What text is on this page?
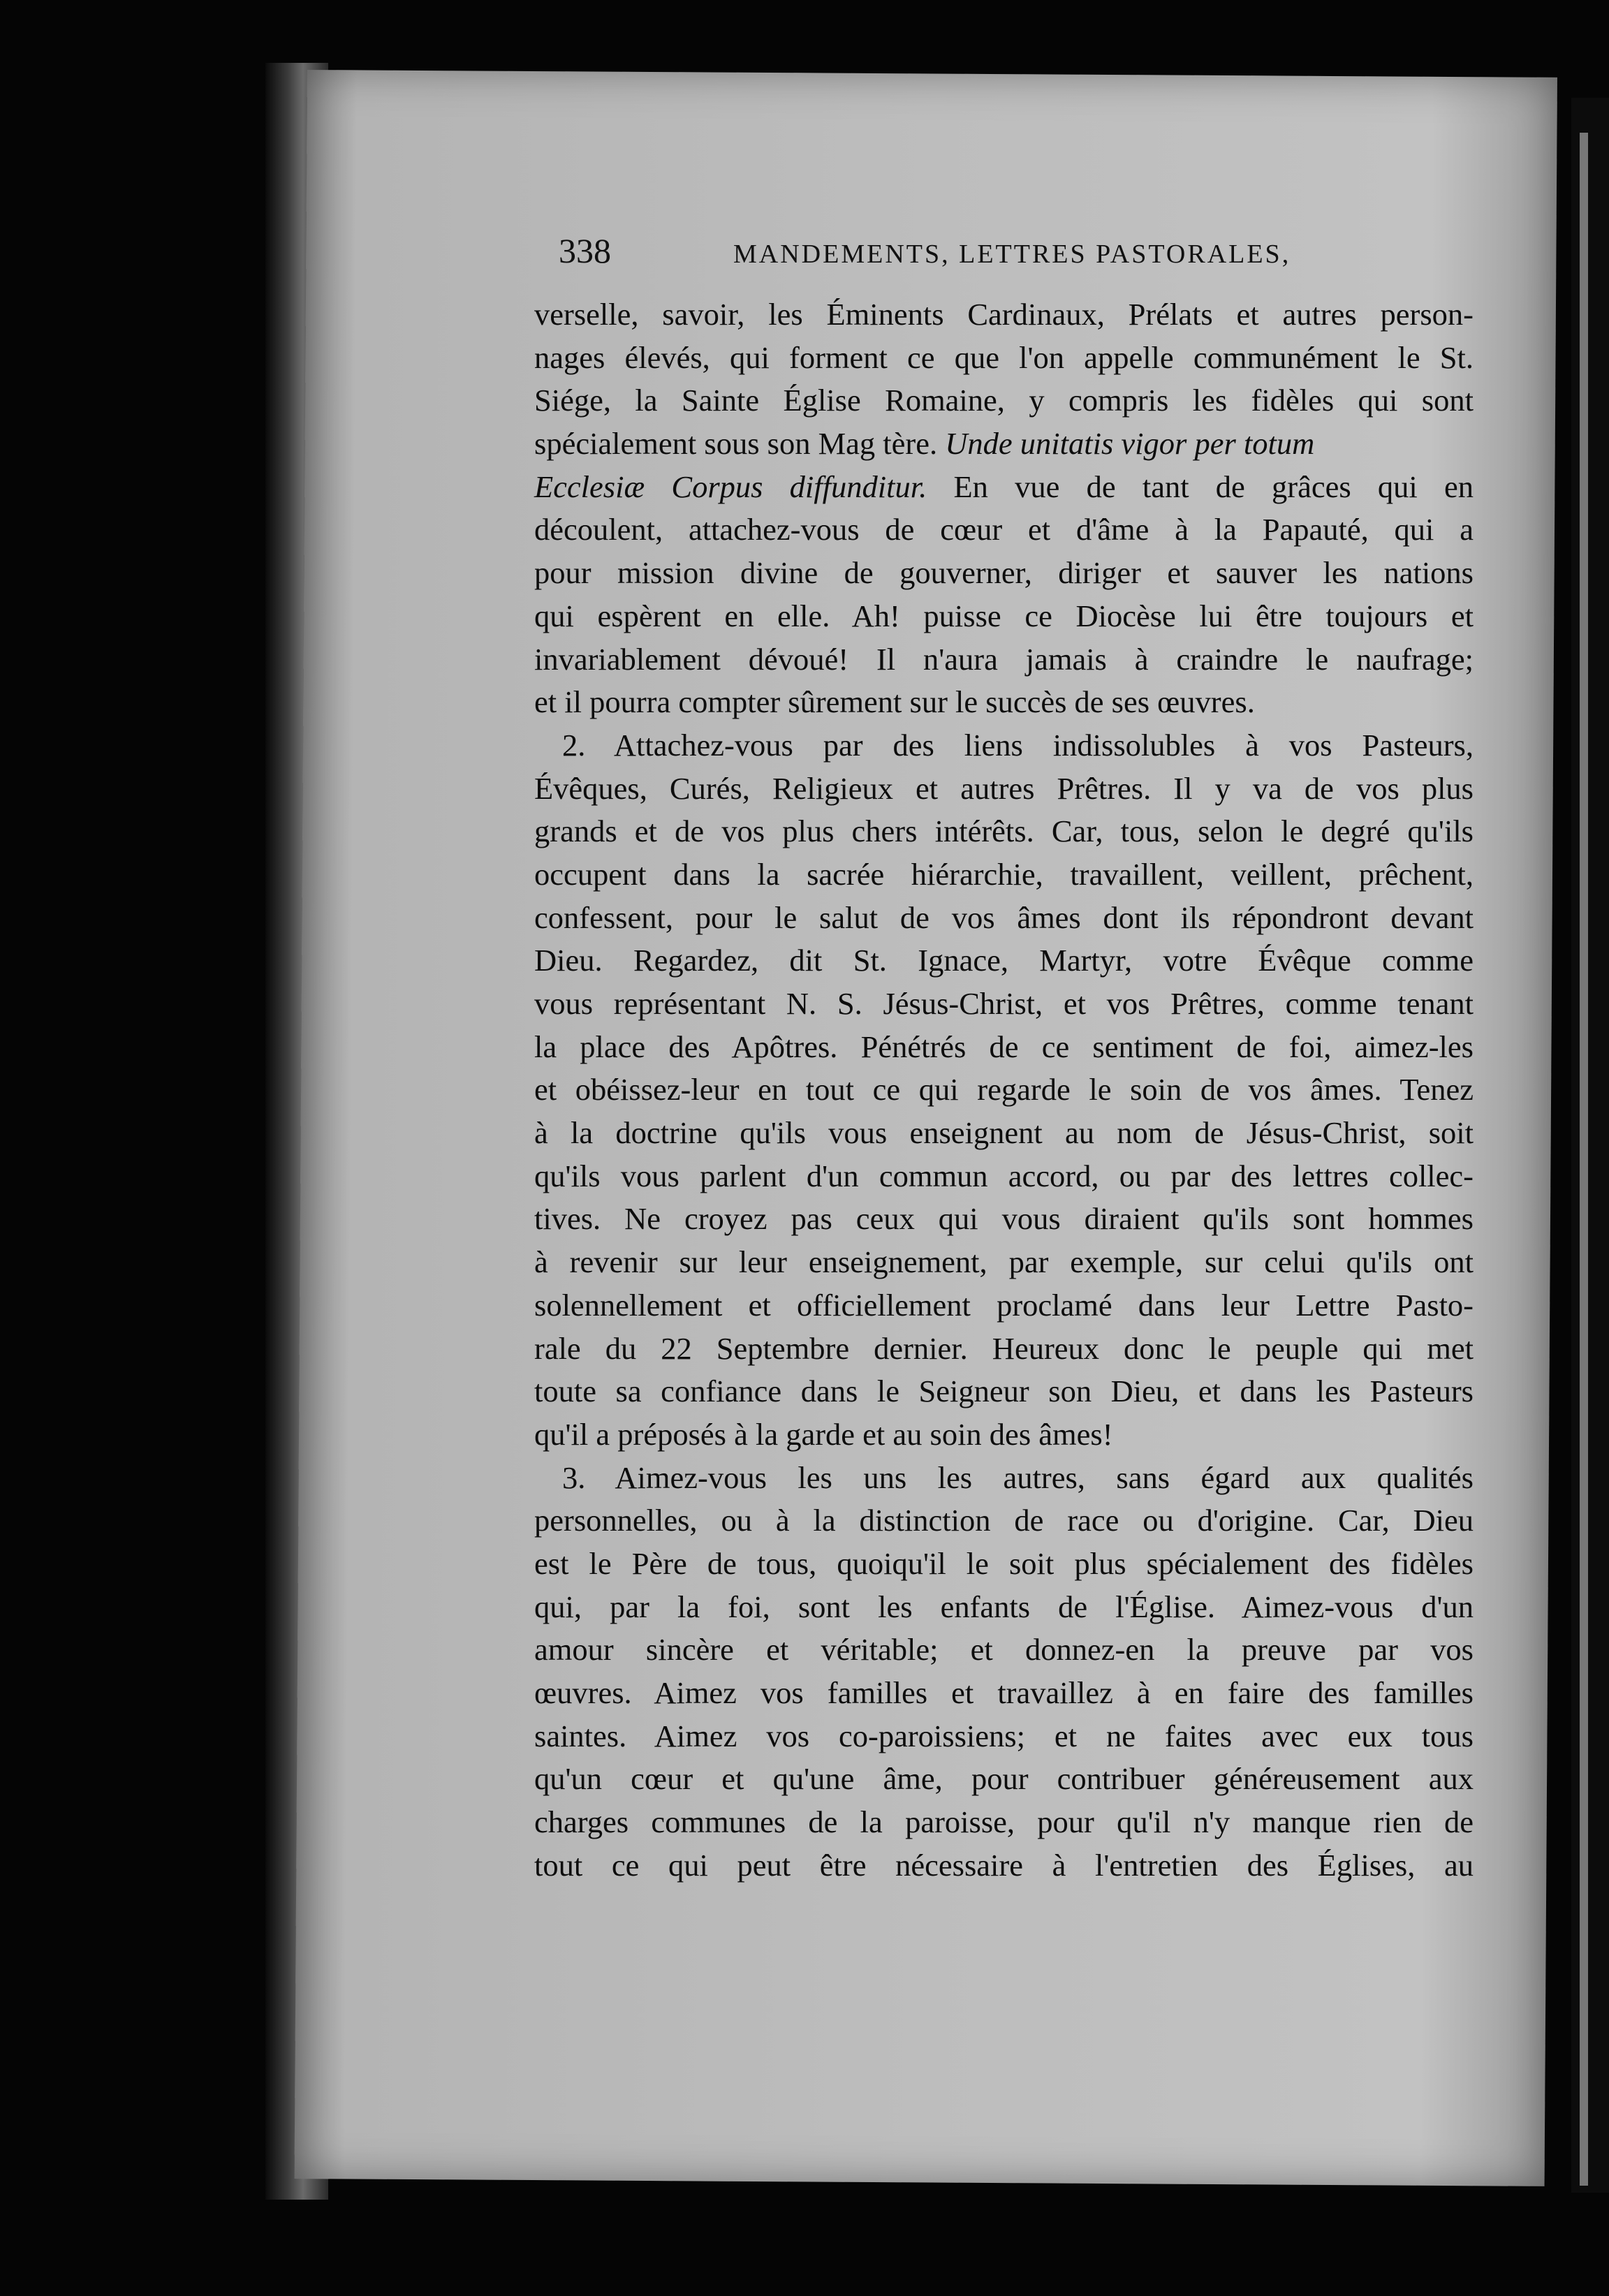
338	MANDEMENTS, LETTRES PASTORALES,
verselle, savoir, les Éminents Cardinaux, Prélats et autres person-
nages élevés, qui forment ce que l'on appelle communément le St.
Siége, la Sainte Église Romaine, y compris les fidèles qui sont
spécialement sous son Mag tère. Unde unitatis vigor per totum
Ecclesiæ Corpus diffunditur. En vue de tant de grâces qui en
découlent, attachez-vous de cœur et d'âme à la Papauté, qui a
pour mission divine de gouverner, diriger et sauver les nations
qui espèrent en elle. Ah! puisse ce Diocèse lui être toujours et
invariablement dévoué! Il n'aura jamais à craindre le naufrage;
et il pourra compter sûrement sur le succès de ses œuvres.
2. Attachez-vous par des liens indissolubles à vos Pasteurs,
Évêques, Curés, Religieux et autres Prêtres. Il y va de vos plus
grands et de vos plus chers intérêts. Car, tous, selon le degré qu'ils
occupent dans la sacrée hiérarchie, travaillent, veillent, prêchent,
confessent, pour le salut de vos âmes dont ils répondront devant
Dieu. Regardez, dit St. Ignace, Martyr, votre Évêque comme
vous représentant N. S. Jésus-Christ, et vos Prêtres, comme tenant
la place des Apôtres. Pénétrés de ce sentiment de foi, aimez-les
et obéissez-leur en tout ce qui regarde le soin de vos âmes. Tenez
à la doctrine qu'ils vous enseignent au nom de Jésus-Christ, soit
qu'ils vous parlent d'un commun accord, ou par des lettres collec-
tives. Ne croyez pas ceux qui vous diraient qu'ils sont hommes
à revenir sur leur enseignement, par exemple, sur celui qu'ils ont
solennellement et officiellement proclamé dans leur Lettre Pasto-
rale du 22 Septembre dernier. Heureux donc le peuple qui met
toute sa confiance dans le Seigneur son Dieu, et dans les Pasteurs
qu'il a préposés à la garde et au soin des âmes!
3. Aimez-vous les uns les autres, sans égard aux qualités
personnelles, ou à la distinction de race ou d'origine. Car, Dieu
est le Père de tous, quoiqu'il le soit plus spécialement des fidèles
qui, par la foi, sont les enfants de l'Église. Aimez-vous d'un
amour sincère et véritable; et donnez-en la preuve par vos
œuvres. Aimez vos familles et travaillez à en faire des familles
saintes. Aimez vos co-paroissiens; et ne faites avec eux tous
qu'un cœur et qu'une âme, pour contribuer généreusement aux
charges communes de la paroisse, pour qu'il n'y manque rien de
tout ce qui peut être nécessaire à l'entretien des Églises, au
